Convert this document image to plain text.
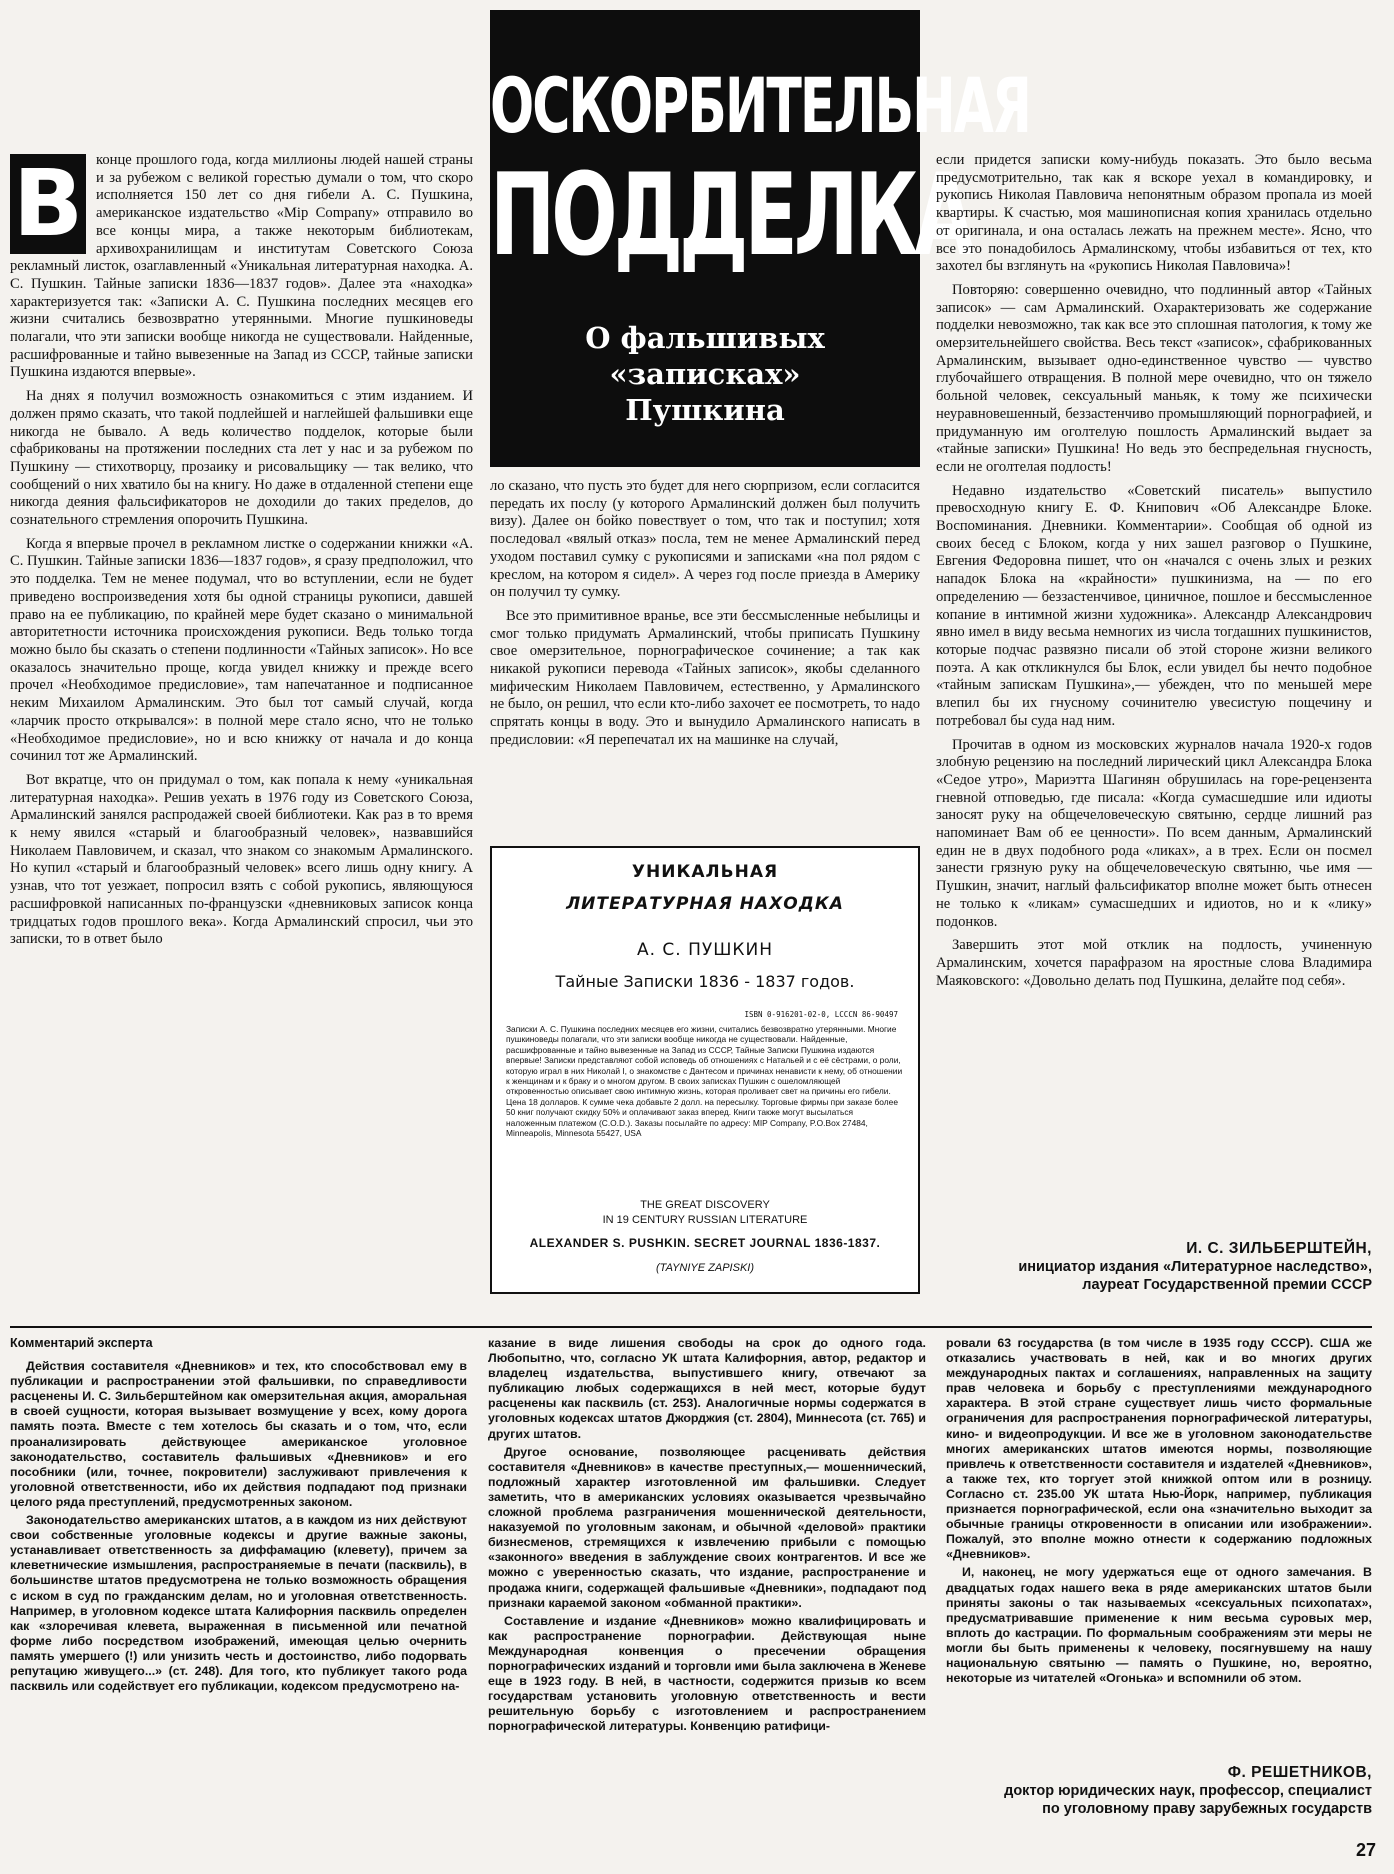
ОСКОРБИТЕЛЬНАЯ
ПОДДЕЛКА
О фальшивых
«записках»
Пушкина
В конце прошлого года, когда миллионы людей нашей страны и за рубежом с великой горестью думали о том, что скоро исполняется 150 лет со дня гибели А. С. Пушкина, американское издательство «Mip Company» отправило во все концы мира, а также некоторым библиотекам, архивохранилищам и институтам Советского Союза рекламный листок, озаглавленный «Уникальная литературная находка. А. С. Пушкин. Тайные записки 1836—1837 годов». Далее эта «находка» характеризуется так: «Записки А. С. Пушкина последних месяцев его жизни считались безвозвратно утерянными. Многие пушкиноведы полагали, что эти записки вообще никогда не существовали. Найденные, расшифрованные и тайно вывезенные на Запад из СССР, тайные записки Пушкина издаются впервые».

На днях я получил возможность ознакомиться с этим изданием. И должен прямо сказать, что такой подлейшей и наглейшей фальшивки еще никогда не бывало. А ведь количество подделок, которые были сфабрикованы на протяжении последних ста лет у нас и за рубежом по Пушкину — стихотворцу, прозаику и рисовальщику — так велико, что сообщений о них хватило бы на книгу. Но даже в отдаленной степени еще никогда деяния фальсификаторов не доходили до таких пределов, до сознательного стремления опорочить Пушкина.

Когда я впервые прочел в рекламном листке о содержании книжки «А. С. Пушкин. Тайные записки 1836—1837 годов», я сразу предположил, что это подделка. Тем не менее подумал, что во вступлении, если не будет приведено воспроизведения хотя бы одной страницы рукописи, давшей право на ее публикацию, по крайней мере будет сказано о минимальной авторитетности источника происхождения рукописи. Ведь только тогда можно было бы сказать о степени подлинности «Тайных записок». Но все оказалось значительно проще, когда увидел книжку и прежде всего прочел «Необходимое предисловие», там напечатанное и подписанное неким Михаилом Армалинским. Это был тот самый случай, когда «ларчик просто открывался»: в полной мере стало ясно, что не только «Необходимое предисловие», но и всю книжку от начала и до конца сочинил тот же Армалинский.

Вот вкратце, что он придумал о том, как попала к нему «уникальная литературная находка». Решив уехать в 1976 году из Советского Союза, Армалинский занялся распродажей своей библиотеки. Как раз в то время к нему явился «старый и благообразный человек», назвавшийся Николаем Павловичем, и сказал, что знаком со знакомым Армалинского. Но купил «старый и благообразный человек» всего лишь одну книгу. А узнав, что тот уезжает, попросил взять с собой рукопись, являющуюся расшифровкой написанных по-французски «дневниковых записок конца тридцатых годов прошлого века». Когда Армалинский спросил, чьи это записки, то в ответ было

ло сказано, что пусть это будет для него сюрпризом, если согласится передать их послу (у которого Армалинский должен был получить визу). Далее он бойко повествует о том, что так и поступил; хотя последовал «вялый отказ» посла, тем не менее Армалинский перед уходом поставил сумку с рукописями и записками «на пол рядом с креслом, на котором я сидел». А через год после приезда в Америку он получил ту сумку.

Все это примитивное вранье, все эти бессмысленные небылицы и смог только придумать Армалинский, чтобы приписать Пушкину свое омерзительное, порнографическое сочинение; а так как никакой рукописи перевода «Тайных записок», якобы сделанного мифическим Николаем Павловичем, естественно, у Армалинского не было, он решил, что если кто-либо захочет ее посмотреть, то надо спрятать концы в воду. Это и вынудило Армалинского написать в предисловии: «Я перепечатал их на машинке на случай,

УНИКАЛЬНАЯ
ЛИТЕРАТУРНАЯ НАХОДКА
А. С. ПУШКИН
Тайные Записки 1836 - 1837 годов.
ISBN 0-916201-02-0, LCCCN 86-90497
Записки А. С. Пушкина последних месяцев его жизни, считались безвозвратно утерянными. Многие пушкиноведы полагали, что эти записки вообще никогда не существовали. Найденные, расшифрованные и тайно вывезенные на Запад из СССР, Тайные Записки Пушкина издаются впервые! Записки представляют собой исповедь об отношениях с Натальей и с её сёстрами, о роли, которую играл в них Николай I, о знакомстве с Дантесом и причинах ненависти к нему, об отношении к женщинам и к браку и о многом другом. В своих записках Пушкин с ошеломляющей откровенностью описывает свою интимную жизнь, которая проливает свет на причины его гибели. Цена 18 долларов. К сумме чека добавьте 2 долл. на пересылку. Торговые фирмы при заказе более 50 книг получают скидку 50% и оплачивают заказ вперед. Книги также могут высылаться наложенным платежом (C.O.D.). Заказы посылайте по адресу: MIP Company, P.O.Box 27484, Minneapolis, Minnesota 55427, USA
THE GREAT DISCOVERY
IN 19 CENTURY RUSSIAN LITERATURE
ALEXANDER S. PUSHKIN. SECRET JOURNAL 1836-1837.
(TAYNIYE ZAPISKI)

если придется записки кому-нибудь показать. Это было весьма предусмотрительно, так как я вскоре уехал в командировку, и рукопись Николая Павловича непонятным образом пропала из моей квартиры. К счастью, моя машинописная копия хранилась отдельно от оригинала, и она осталась лежать на прежнем месте». Ясно, что все это понадобилось Армалинскому, чтобы избавиться от тех, кто захотел бы взглянуть на «рукопись Николая Павловича»!

Повторяю: совершенно очевидно, что подлинный автор «Тайных записок» — сам Армалинский. Охарактеризовать же содержание подделки невозможно, так как все это сплошная патология, к тому же омерзительнейшего свойства. Весь текст «записок», сфабрикованных Армалинским, вызывает одно-единственное чувство — чувство глубочайшего отвращения. В полной мере очевидно, что он тяжело больной человек, сексуальный маньяк, к тому же психически неуравновешенный, беззастенчиво промышляющий порнографией, и придуманную им оголтелую пошлость Армалинский выдает за «тайные записки» Пушкина! Но ведь это беспредельная гнусность, если не оголтелая подлость!

Недавно издательство «Советский писатель» выпустило превосходную книгу Е. Ф. Книпович «Об Александре Блоке. Воспоминания. Дневники. Комментарии». Сообщая об одной из своих бесед с Блоком, когда у них зашел разговор о Пушкине, Евгения Федоровна пишет, что он «начался с очень злых и резких нападок Блока на «крайности» пушкинизма, на — по его определению — беззастенчивое, циничное, пошлое и бессмысленное копание в интимной жизни художника». Александр Александрович явно имел в виду весьма немногих из числа тогдашних пушкинистов, которые подчас развязно писали об этой стороне жизни великого поэта. А как откликнулся бы Блок, если увидел бы нечто подобное «тайным запискам Пушкина»,— убежден, что по меньшей мере влепил бы их гнусному сочинителю увесистую пощечину и потребовал бы суда над ним.

Прочитав в одном из московских журналов начала 1920-х годов злобную рецензию на последний лирический цикл Александра Блока «Седое утро», Мариэтта Шагинян обрушилась на горе-рецензента гневной отповедью, где писала: «Когда сумасшедшие или идиоты заносят руку на общечеловеческую святыню, сердце лишний раз напоминает Вам об ее ценности». По всем данным, Армалинский един не в двух подобного рода «ликах», а в трех. Если он посмел занести грязную руку на общечеловеческую святыню, чье имя — Пушкин, значит, наглый фальсификатор вполне может быть отнесен не только к «ликам» сумасшедших и идиотов, но и к «лику» подонков.

Завершить этот мой отклик на подлость, учиненную Армалинским, хочется парафразом на яростные слова Владимира Маяковского: «Довольно делать под Пушкина, делайте под себя».

И. С. ЗИЛЬБЕРШТЕЙН,
инициатор издания «Литературное наследство»,
лауреат Государственной премии СССР

Комментарий эксперта

Действия составителя «Дневников» и тех, кто способствовал ему в публикации и распространении этой фальшивки, по справедливости расценены И. С. Зильберштейном как омерзительная акция, аморальная в своей сущности, которая вызывает возмущение у всех, кому дорога память поэта. Вместе с тем хотелось бы сказать и о том, что, если проанализировать действующее американское уголовное законодательство, составитель фальшивых «Дневников» и его пособники (или, точнее, покровители) заслуживают привлечения к уголовной ответственности, ибо их действия подпадают под признаки целого ряда преступлений, предусмотренных законом.

Законодательство американских штатов, а в каждом из них действуют свои собственные уголовные кодексы и другие важные законы, устанавливает ответственность за диффамацию (клевету), причем за клеветнические измышления, распространяемые в печати (пасквиль), в большинстве штатов предусмотрена не только возможность обращения с иском в суд по гражданским делам, но и уголовная ответственность. Например, в уголовном кодексе штата Калифорния пасквиль определен как «злоречивая клевета, выраженная в письменной или печатной форме либо посредством изображений, имеющая целью очернить память умершего (!) или унизить честь и достоинство, либо подорвать репутацию живущего...» (ст. 248). Для того, кто публикует такого рода пасквиль или содействует его публикации, кодексом предусмотрено на-

казание в виде лишения свободы на срок до одного года. Любопытно, что, согласно УК штата Калифорния, автор, редактор и владелец издательства, выпустившего книгу, отвечают за публикацию любых содержащихся в ней мест, которые будут расценены как пасквиль (ст. 253). Аналогичные нормы содержатся в уголовных кодексах штатов Джорджия (ст. 2804), Миннесота (ст. 765) и других штатов.

Другое основание, позволяющее расценивать действия составителя «Дневников» в качестве преступных,— мошеннический, подложный характер изготовленной им фальшивки. Следует заметить, что в американских условиях оказывается чрезвычайно сложной проблема разграничения мошеннической деятельности, наказуемой по уголовным законам, и обычной «деловой» практики бизнесменов, стремящихся к извлечению прибыли с помощью «законного» введения в заблуждение своих контрагентов. И все же можно с уверенностью сказать, что издание, распространение и продажа книги, содержащей фальшивые «Дневники», подпадают под признаки караемой законом «обманной практики».

Составление и издание «Дневников» можно квалифицировать и как распространение порнографии. Действующая ныне Международная конвенция о пресечении обращения порнографических изданий и торговли ими была заключена в Женеве еще в 1923 году. В ней, в частности, содержится призыв ко всем государствам установить уголовную ответственность и вести решительную борьбу с изготовлением и распространением порнографической литературы. Конвенцию ратифици-

ровали 63 государства (в том числе в 1935 году СССР). США же отказались участвовать в ней, как и во многих других международных пактах и соглашениях, направленных на защиту прав человека и борьбу с преступлениями международного характера. В этой стране существует лишь чисто формальные ограничения для распространения порнографической литературы, кино- и видеопродукции. И все же в уголовном законодательстве многих американских штатов имеются нормы, позволяющие привлечь к ответственности составителя и издателей «Дневников», а также тех, кто торгует этой книжкой оптом или в розницу. Согласно ст. 235.00 УК штата Нью-Йорк, например, публикация признается порнографической, если она «значительно выходит за обычные границы откровенности в описании или изображении». Пожалуй, это вполне можно отнести к содержанию подложных «Дневников».

И, наконец, не могу удержаться еще от одного замечания. В двадцатых годах нашего века в ряде американских штатов были приняты законы о так называемых «сексуальных психопатах», предусматривавшие применение к ним весьма суровых мер, вплоть до кастрации. По формальным соображениям эти меры не могли бы быть применены к человеку, посягнувшему на нашу национальную святыню — память о Пушкине, но, вероятно, некоторые из читателей «Огонька» и вспомнили об этом.

Ф. РЕШЕТНИКОВ,
доктор юридических наук, профессор, специалист
по уголовному праву зарубежных государств
27
